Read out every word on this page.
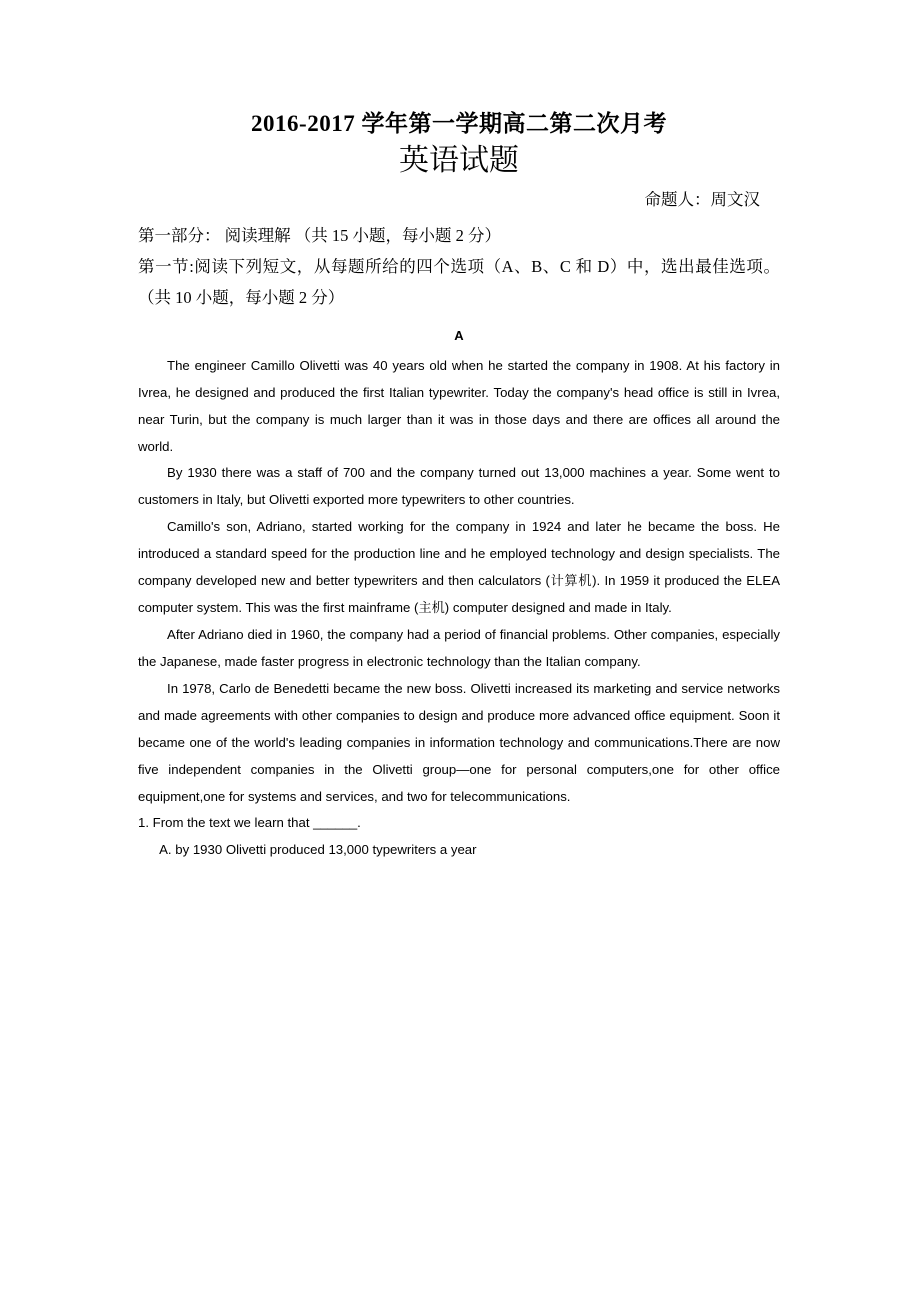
2016-2017 学年第一学期高二第二次月考
英语试题
命题人：周文汉
第一部分： 阅读理解 （共 15 小题，每小题 2 分）
第一节:阅读下列短文，从每题所给的四个选项（A、B、C 和 D）中，选出最佳选项。（共 10 小题，每小题 2 分）
A

The engineer Camillo Olivetti was 40 years old when he started the company in 1908. At his factory in Ivrea, he designed and produced the first Italian typewriter. Today the company's head office is still in Ivrea, near Turin, but the company is much larger than it was in those days and there are offices all around the world.

By 1930 there was a staff of 700 and the company turned out 13,000 machines a year. Some went to customers in Italy, but Olivetti exported more typewriters to other countries.

Camillo's son, Adriano, started working for the company in 1924 and later he became the boss. He introduced a standard speed for the production line and he employed technology and design specialists. The company developed new and better typewriters and then calculators (计算机). In 1959 it produced the ELEA computer system. This was the first mainframe (主机) computer designed and made in Italy.

After Adriano died in 1960, the company had a period of financial problems. Other companies, especially the Japanese, made faster progress in electronic technology than the Italian company.

In 1978, Carlo de Benedetti became the new boss. Olivetti increased its marketing and service networks and made agreements with other companies to design and produce more advanced office equipment. Soon it became one of the world's leading companies in information technology and communications.There are now five independent companies in the Olivetti group—one for personal computers,one for other office equipment,one for systems and services, and two for telecommunications.

1. From the text we learn that ______.

A. by 1930 Olivetti produced 13,000 typewriters a year
